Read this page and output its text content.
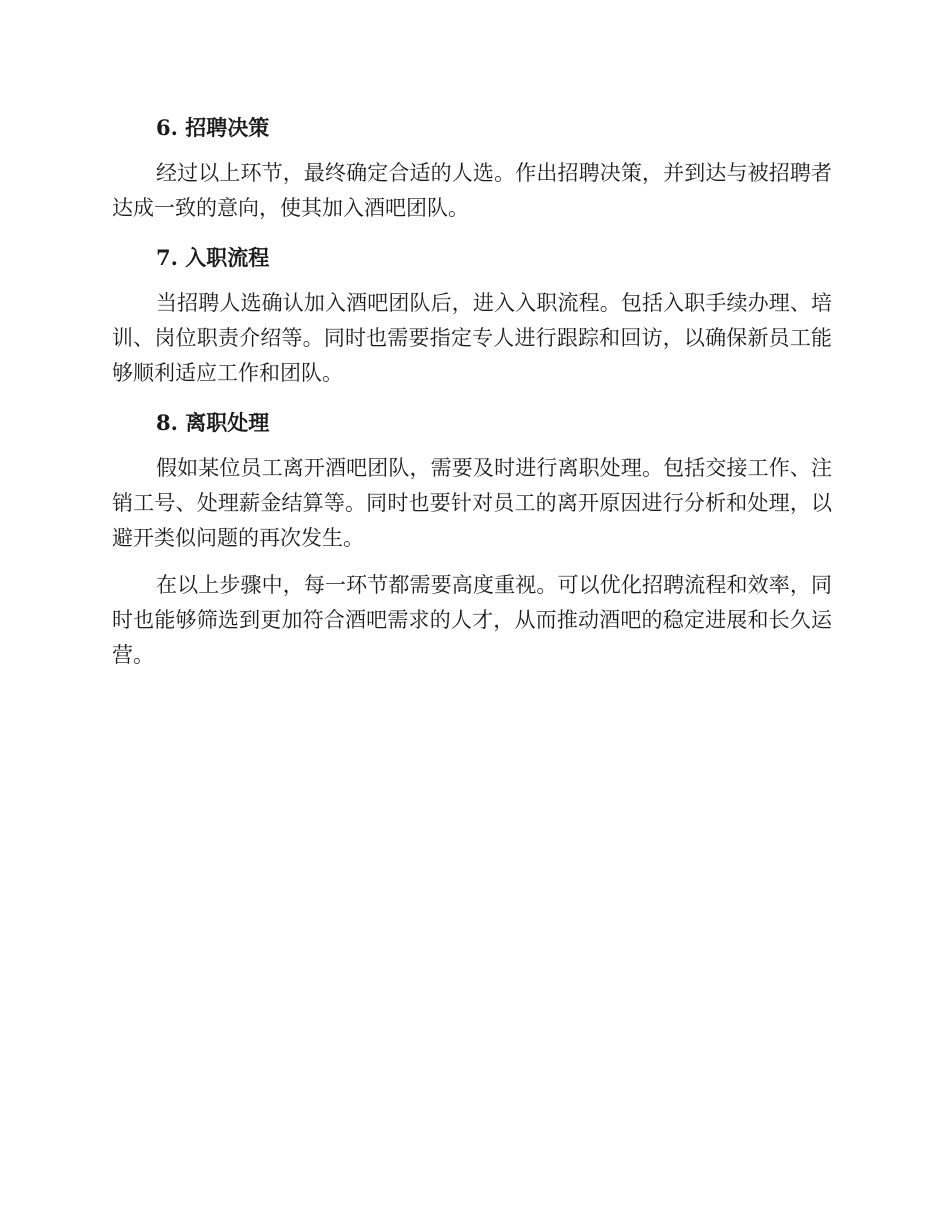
6. 招聘决策

经过以上环节，最终确定合适的人选。作出招聘决策，并到达与被招聘者达成一致的意向，使其加入酒吧团队。

7. 入职流程

当招聘人选确认加入酒吧团队后，进入入职流程。包括入职手续办理、培训、岗位职责介绍等。同时也需要指定专人进行跟踪和回访，以确保新员工能够顺利适应工作和团队。

8. 离职处理

假如某位员工离开酒吧团队，需要及时进行离职处理。包括交接工作、注销工号、处理薪金结算等。同时也要针对员工的离开原因进行分析和处理，以避开类似问题的再次发生。

在以上步骤中，每一环节都需要高度重视。可以优化招聘流程和效率，同时也能够筛选到更加符合酒吧需求的人才，从而推动酒吧的稳定进展和长久运营。
